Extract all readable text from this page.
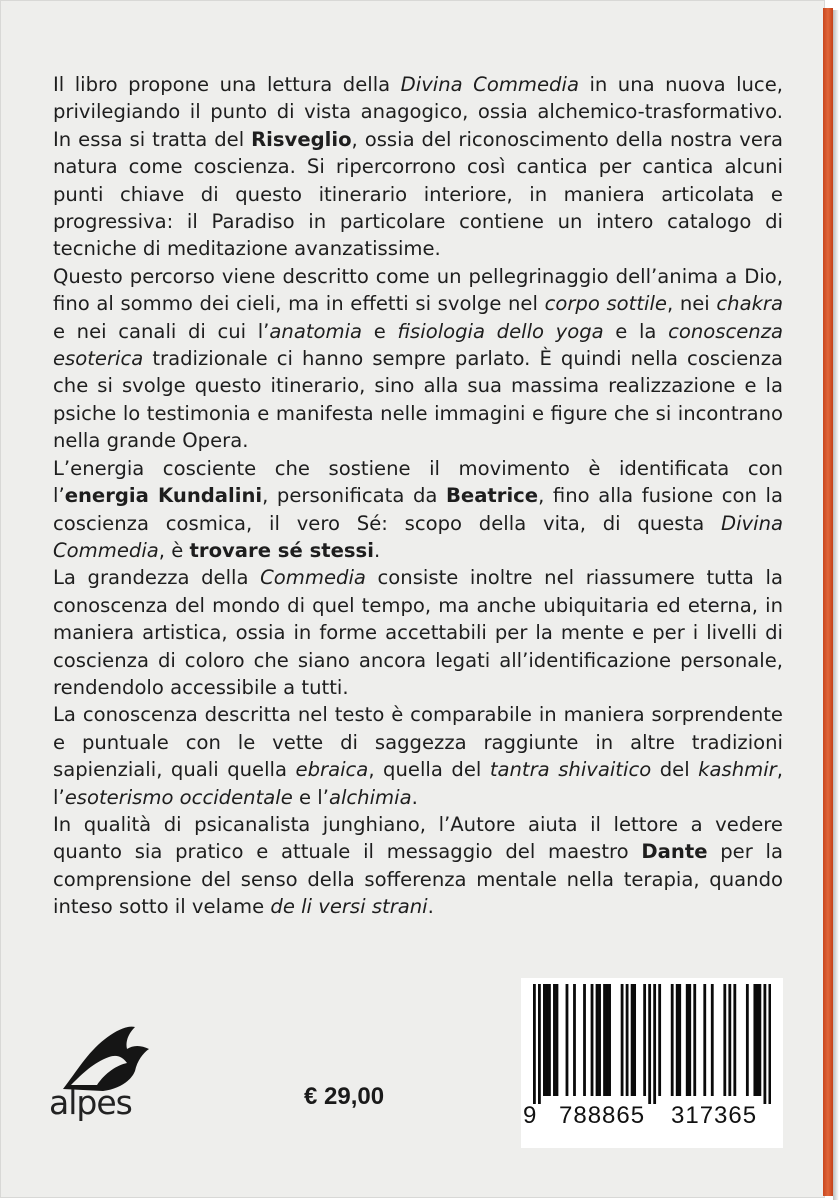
Il libro propone una lettura della Divina Commedia in una nuova luce, privilegiando il punto di vista anagogico, ossia alchemico-trasformativo. In essa si tratta del Risveglio, ossia del riconoscimento della nostra vera natura come coscienza. Si ripercorrono così cantica per cantica alcuni punti chiave di questo itinerario interiore, in maniera articolata e progressiva: il Paradiso in particolare contiene un intero catalogo di tecniche di meditazione avanzatissime.

Questo percorso viene descritto come un pellegrinaggio dell’anima a Dio, fino al sommo dei cieli, ma in effetti si svolge nel corpo sottile, nei chakra e nei canali di cui l’anatomia e fisiologia dello yoga e la conoscenza esoterica tradizionale ci hanno sempre parlato. È quindi nella coscienza che si svolge questo itinerario, sino alla sua massima realizzazione e la psiche lo testimonia e manifesta nelle immagini e figure che si incontrano nella grande Opera.

L’energia cosciente che sostiene il movimento è identificata con l’energia Kundalini, personificata da Beatrice, fino alla fusione con la coscienza cosmica, il vero Sé: scopo della vita, di questa Divina Commedia, è trovare sé stessi.

La grandezza della Commedia consiste inoltre nel riassumere tutta la conoscenza del mondo di quel tempo, ma anche ubiquitaria ed eterna, in maniera artistica, ossia in forme accettabili per la mente e per i livelli di coscienza di coloro che siano ancora legati all’identificazione personale, rendendolo accessibile a tutti.

La conoscenza descritta nel testo è comparabile in maniera sorprendente e puntuale con le vette di saggezza raggiunte in altre tradizioni sapienziali, quali quella ebraica, quella del tantra shivaitico del kashmir, l’esoterismo occidentale e l’alchimia.

In qualità di psicanalista junghiano, l’Autore aiuta il lettore a vedere quanto sia pratico e attuale il messaggio del maestro Dante per la comprensione del senso della sofferenza mentale nella terapia, quando inteso sotto il velame de li versi strani.

alpes	€ 29,00
9 788865 317365
